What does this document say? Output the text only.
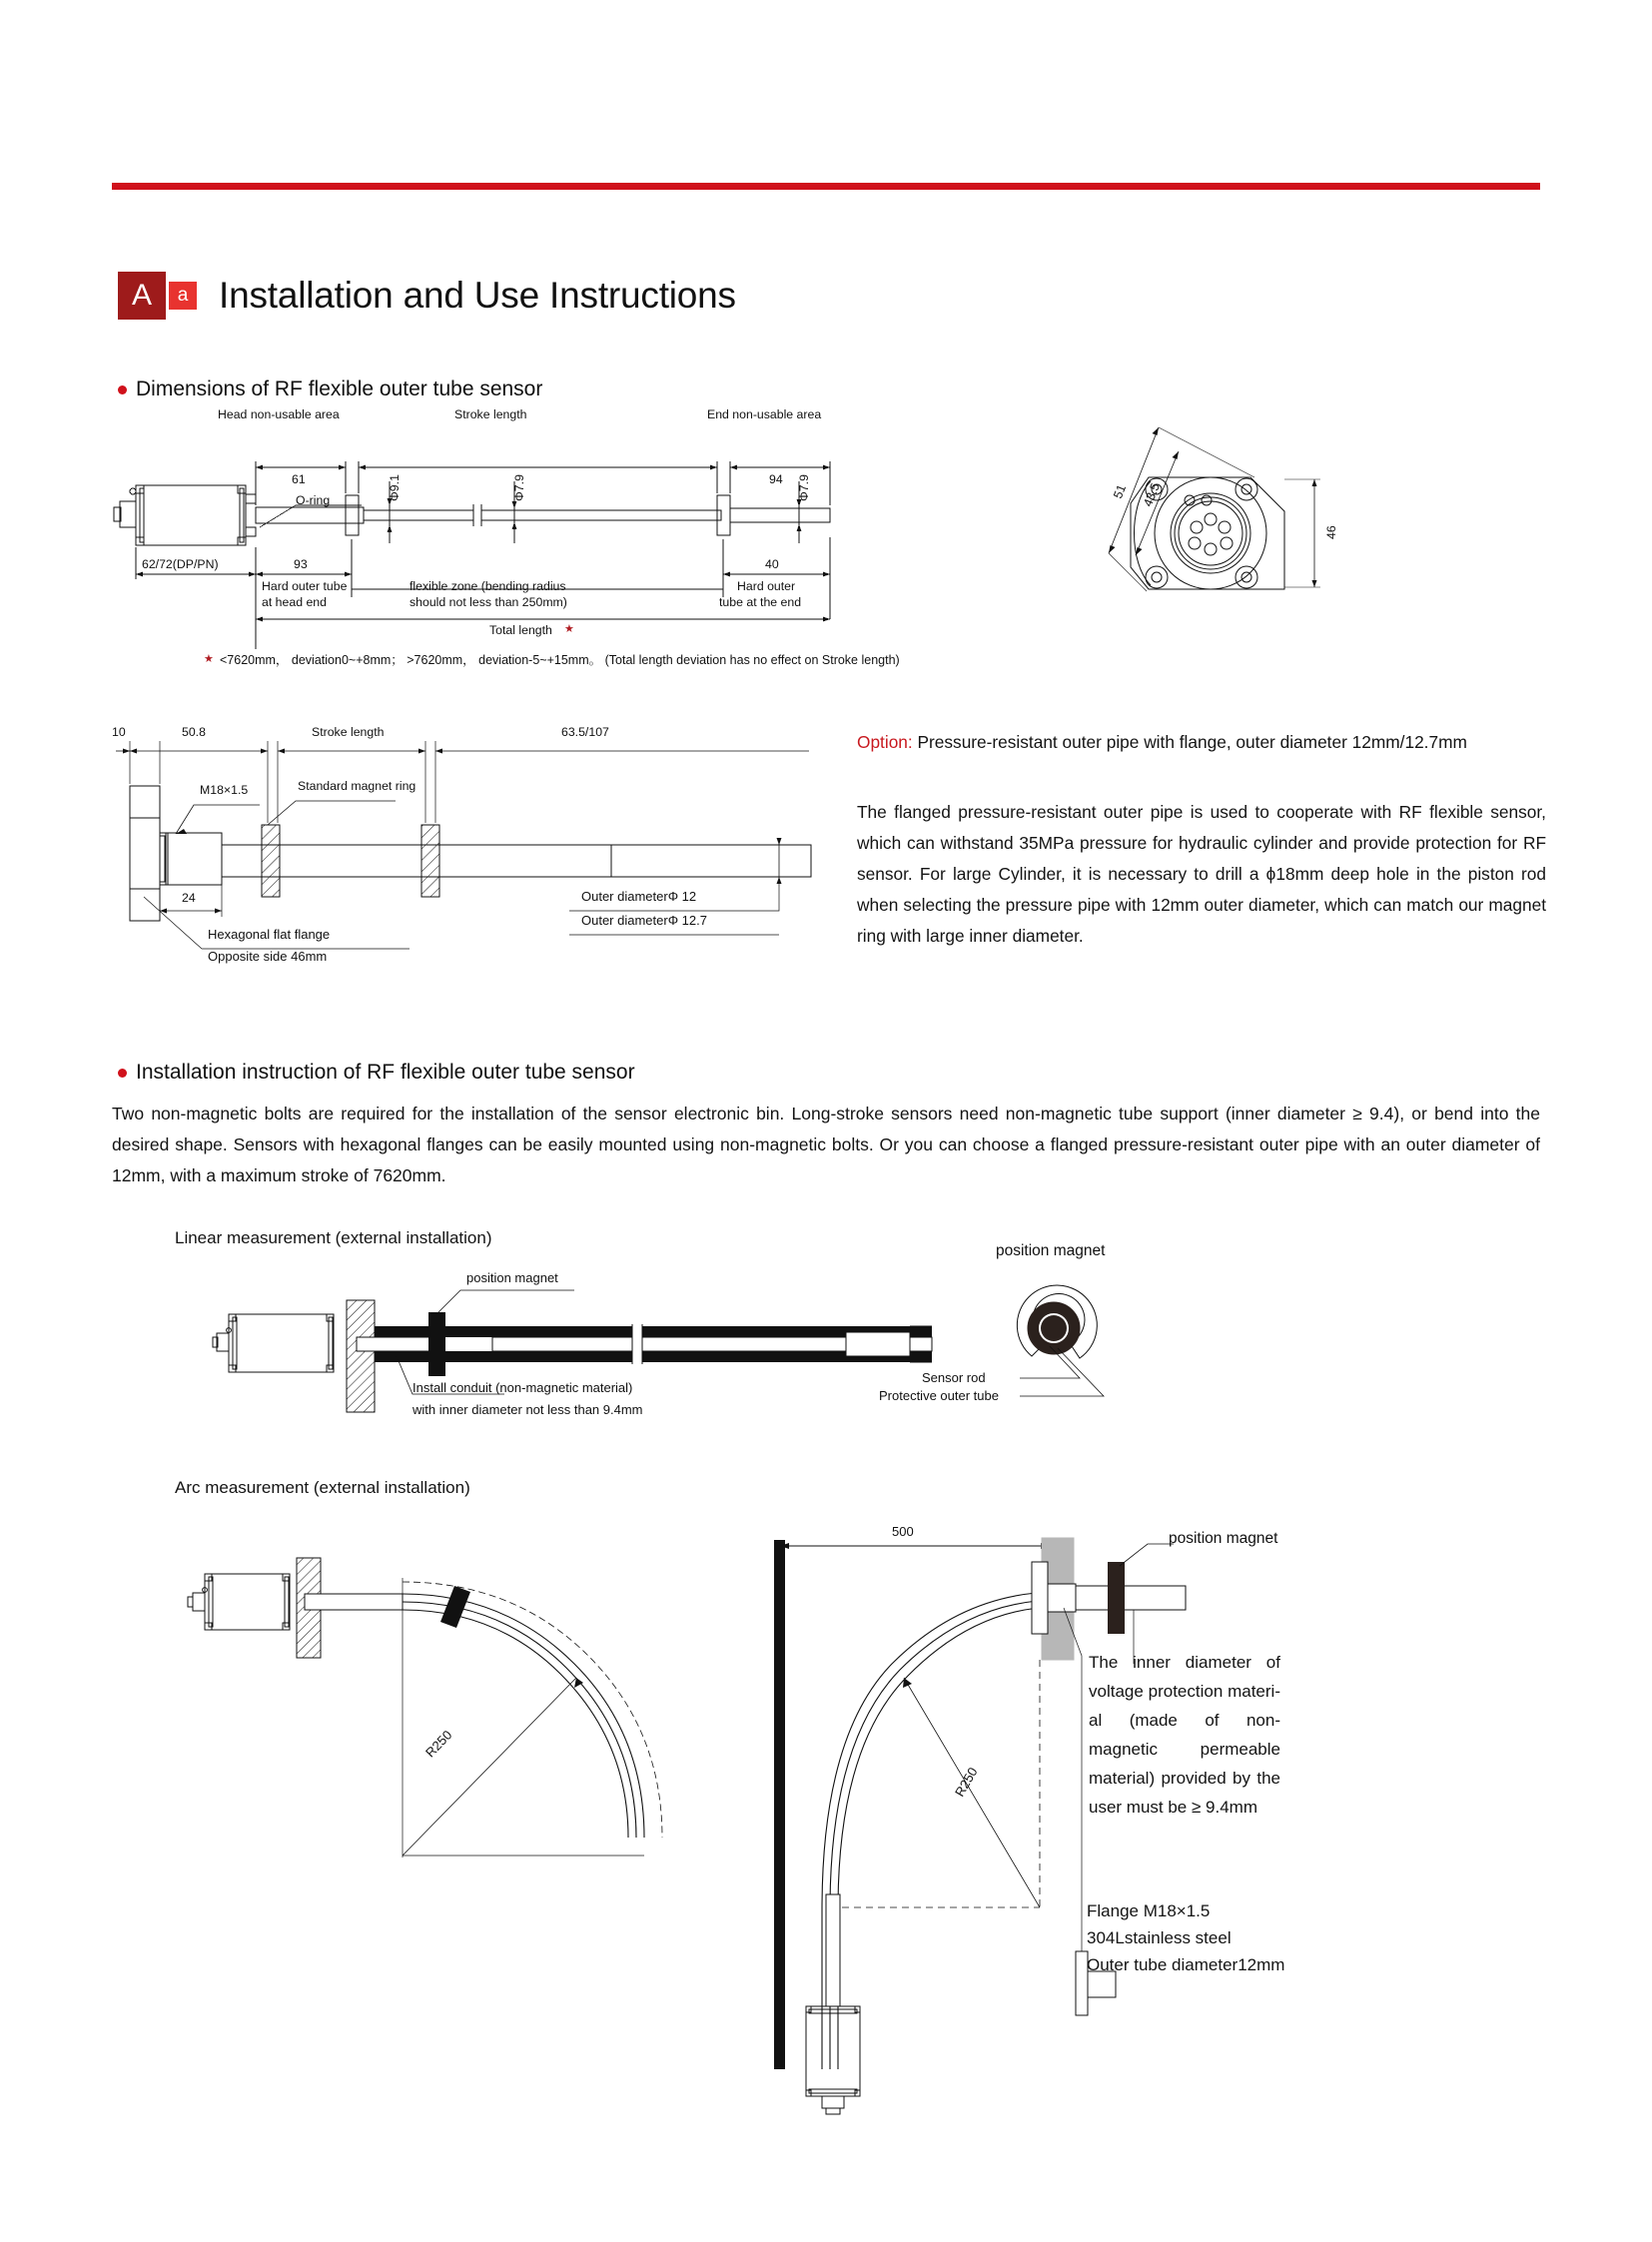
A	a Installation and Use Instructions
Dimensions of RF flexible outer tube sensor
Head non-usable area	Stroke length	End non-usable area
61	94
O-ring	Φ9.1	Φ7.9	Φ7.9
62/72(DP/PN)	93	40
Hard outer tube
at head end
flexible zone (bending radius
should not less than 250mm)
Hard outer
tube at the end
Total length ★
★ <7620mm， deviation0~+8mm； >7620mm， deviation-5~+15mm。 (Total length deviation has no effect on Stroke length)
51 43.5
46
10	50.8	Stroke length	63.5/107
M18×1.5	Standard magnet ring
24
Hexagonal flat flange
Opposite side 46mm
Outer diameterΦ 12
Outer diameterΦ 12.7
Option: Pressure-resistant outer pipe with flange, outer diameter 12mm/12.7mm
The flanged pressure-resistant outer pipe is used to cooperate with RF flexible sensor, which can withstand 35MPa pressure for hydraulic cylinder and provide protection for RF sensor. For large Cylinder, it is necessary to drill a ϕ18mm deep hole in the piston rod when selecting the pressure pipe with 12mm outer diameter, which can match our magnet ring with large inner diameter.
Installation instruction of RF flexible outer tube sensor
Two non-magnetic bolts are required for the installation of the sensor electronic bin. Long-stroke sensors need non-magnetic tube support (inner diameter ≥ 9.4), or bend into the desired shape. Sensors with hexagonal flanges can be easily mounted using non-magnetic bolts. Or you can choose a flanged pressure-resistant outer pipe with an outer diameter of 12mm, with a maximum stroke of 7620mm.
Linear measurement (external installation)
position magnet
Install conduit (non-magnetic material)
with inner diameter not less than 9.4mm
position magnet
Sensor rod
Protective outer tube
Arc measurement (external installation)
R250
500	position magnet
R250
The inner diameter of voltage protection materi-al (made of non-magnetic permeable material) provided by the user must be ≥ 9.4mm
Flange M18×1.5
304Lstainless steel
Outer tube diameter12mm
